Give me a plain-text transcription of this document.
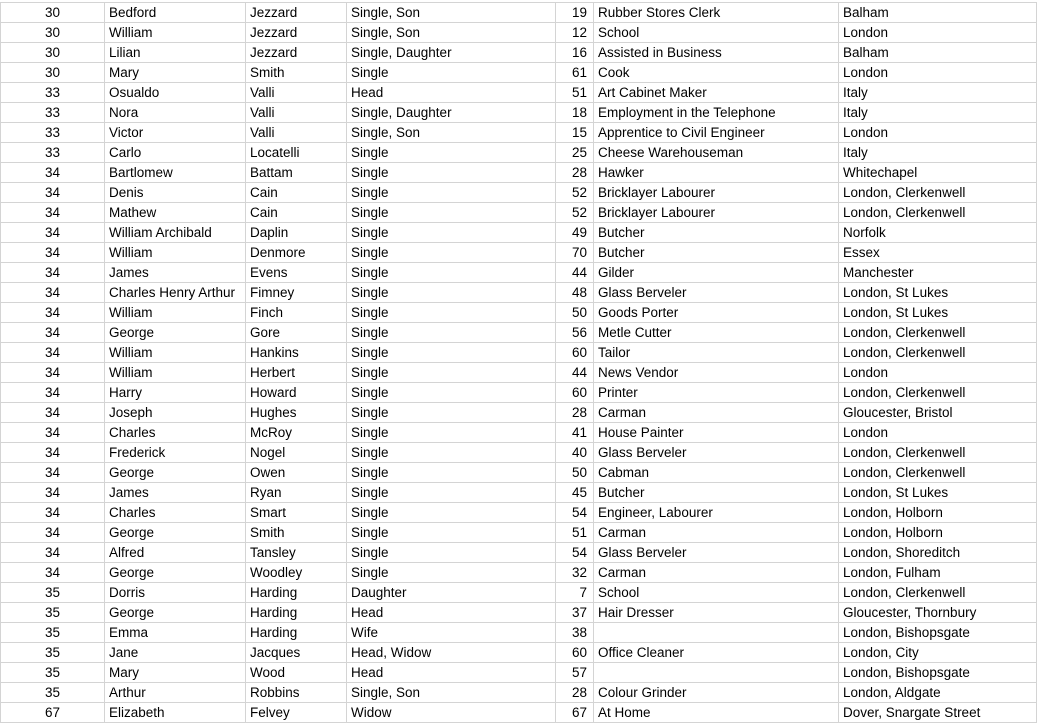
30	Bedford	Jezzard	Single, Son	19	Rubber Stores Clerk	Balham
30	William	Jezzard	Single, Son	12	School	London
30	Lilian	Jezzard	Single, Daughter	16	Assisted in Business	Balham
30	Mary	Smith	Single	61	Cook	London
33	Osualdo	Valli	Head	51	Art Cabinet Maker	Italy
33	Nora	Valli	Single, Daughter	18	Employment in the Telephone	Italy
33	Victor	Valli	Single, Son	15	Apprentice to Civil Engineer	London
33	Carlo	Locatelli	Single	25	Cheese Warehouseman	Italy
34	Bartlomew	Battam	Single	28	Hawker	Whitechapel
34	Denis	Cain	Single	52	Bricklayer Labourer	London, Clerkenwell
34	Mathew	Cain	Single	52	Bricklayer Labourer	London, Clerkenwell
34	William Archibald	Daplin	Single	49	Butcher	Norfolk
34	William	Denmore	Single	70	Butcher	Essex
34	James	Evens	Single	44	Gilder	Manchester
34	Charles Henry Arthur	Fimney	Single	48	Glass Berveler	London, St Lukes
34	William	Finch	Single	50	Goods Porter	London, St Lukes
34	George	Gore	Single	56	Metle Cutter	London, Clerkenwell
34	William	Hankins	Single	60	Tailor	London, Clerkenwell
34	William	Herbert	Single	44	News Vendor	London
34	Harry	Howard	Single	60	Printer	London, Clerkenwell
34	Joseph	Hughes	Single	28	Carman	Gloucester, Bristol
34	Charles	McRoy	Single	41	House Painter	London
34	Frederick	Nogel	Single	40	Glass Berveler	London, Clerkenwell
34	George	Owen	Single	50	Cabman	London, Clerkenwell
34	James	Ryan	Single	45	Butcher	London, St Lukes
34	Charles	Smart	Single	54	Engineer, Labourer	London, Holborn
34	George	Smith	Single	51	Carman	London, Holborn
34	Alfred	Tansley	Single	54	Glass Berveler	London, Shoreditch
34	George	Woodley	Single	32	Carman	London, Fulham
35	Dorris	Harding	Daughter	7	School	London, Clerkenwell
35	George	Harding	Head	37	Hair Dresser	Gloucester, Thornbury
35	Emma	Harding	Wife	38		London, Bishopsgate
35	Jane	Jacques	Head, Widow	60	Office Cleaner	London, City
35	Mary	Wood	Head	57		London, Bishopsgate
35	Arthur	Robbins	Single, Son	28	Colour Grinder	London, Aldgate
67	Elizabeth	Felvey	Widow	67	At Home	Dover, Snargate Street
